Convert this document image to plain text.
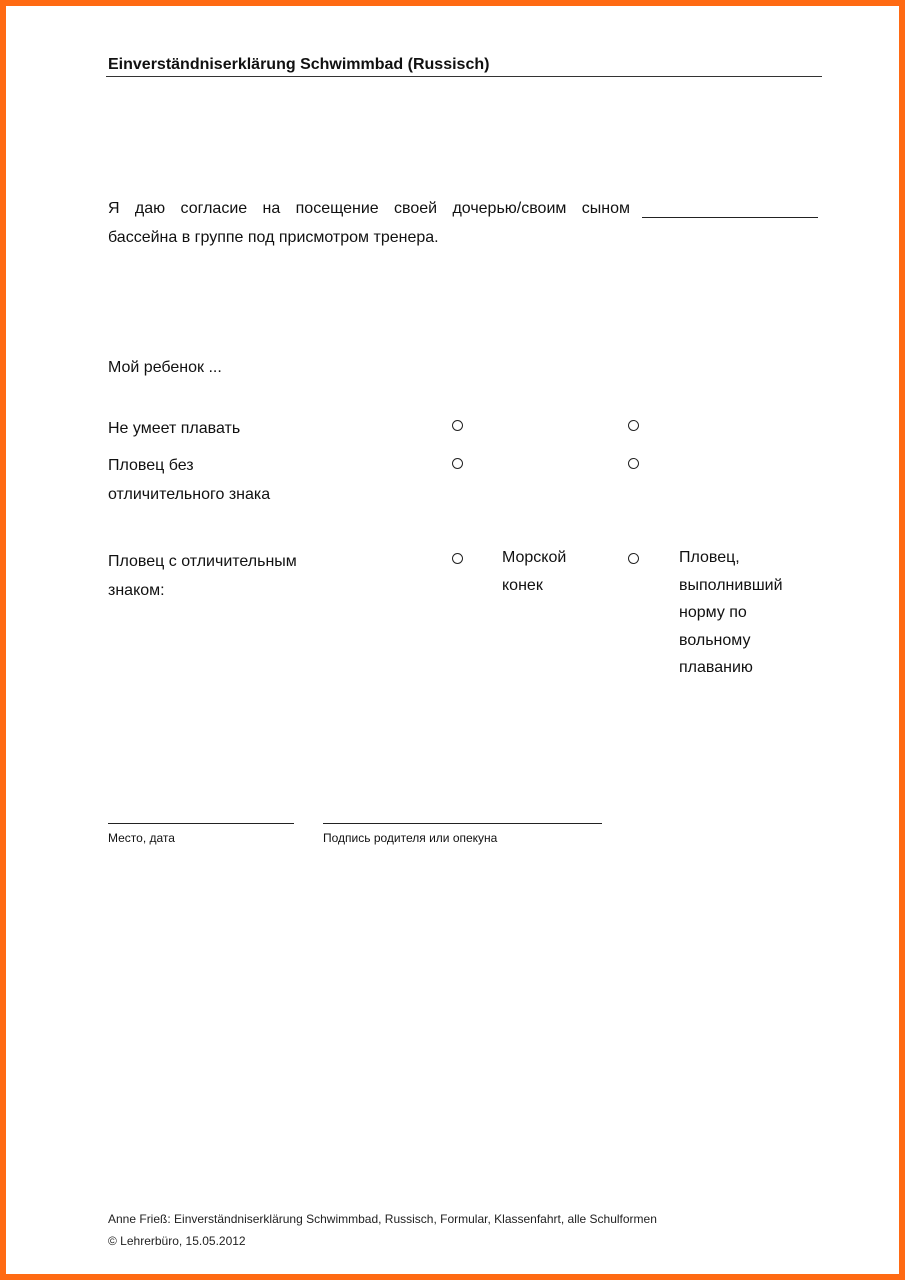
Einverständniserklärung Schwimmbad (Russisch)
Я даю согласие на посещение своей дочерью/своим сыном
бассейна в группе под присмотром тренера.
Мой ребенок ...
Не умеет плавать
Пловец без отличительного знака
Пловец с отличительным знаком:
Морской конек
Пловец, выполнивший норму по вольному плаванию
Место, дата	Подпись родителя или опекуна
Anne Frieß: Einverständniserklärung Schwimmbad, Russisch, Formular, Klassenfahrt, alle Schulformen
© Lehrerbüro, 15.05.2012
